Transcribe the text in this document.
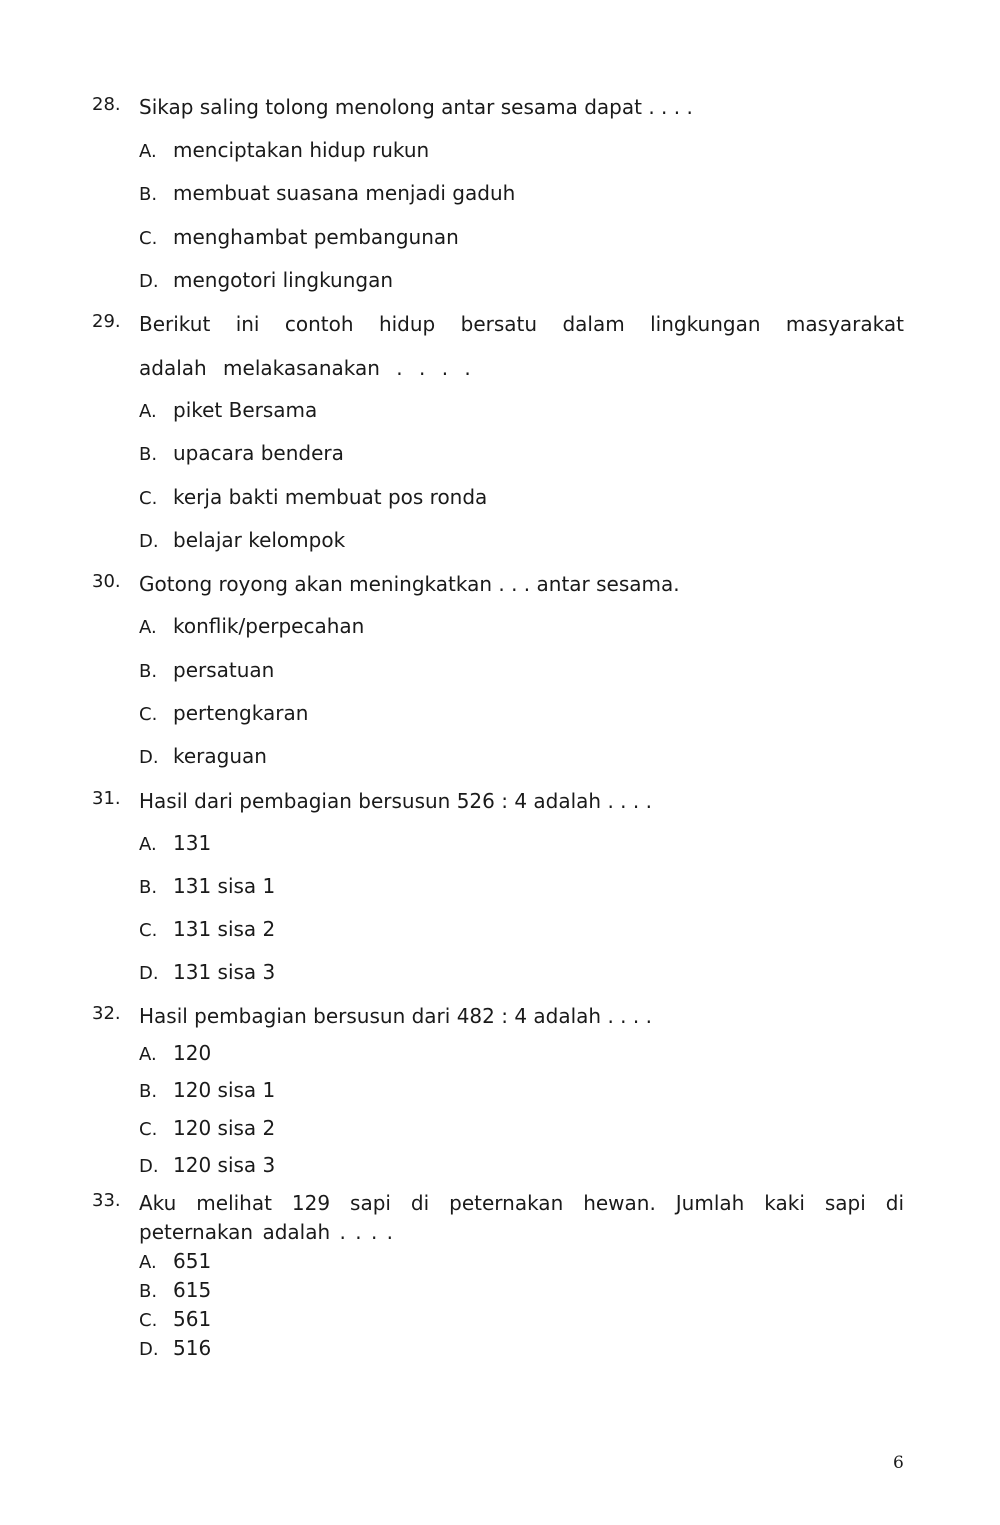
28. Sikap saling tolong menolong antar sesama dapat . . . .
A. menciptakan hidup rukun
B. membuat suasana menjadi gaduh
C. menghambat pembangunan
D. mengotori lingkungan
29. Berikut ini contoh hidup bersatu dalam lingkungan masyarakat adalah melakasanakan . . . .
A. piket Bersama
B. upacara bendera
C. kerja bakti membuat pos ronda
D. belajar kelompok
30. Gotong royong akan meningkatkan . . . antar sesama.
A. konflik/perpecahan
B. persatuan
C. pertengkaran
D. keraguan
31. Hasil dari pembagian bersusun 526 : 4 adalah . . . .
A. 131
B. 131 sisa 1
C. 131 sisa 2
D. 131 sisa 3
32. Hasil pembagian bersusun dari 482 : 4 adalah . . . .
A. 120
B. 120 sisa 1
C. 120 sisa 2
D. 120 sisa 3
33. Aku melihat 129 sapi di peternakan hewan. Jumlah kaki sapi di peternakan adalah . . . .
A. 651
B. 615
C. 561
D. 516
6
